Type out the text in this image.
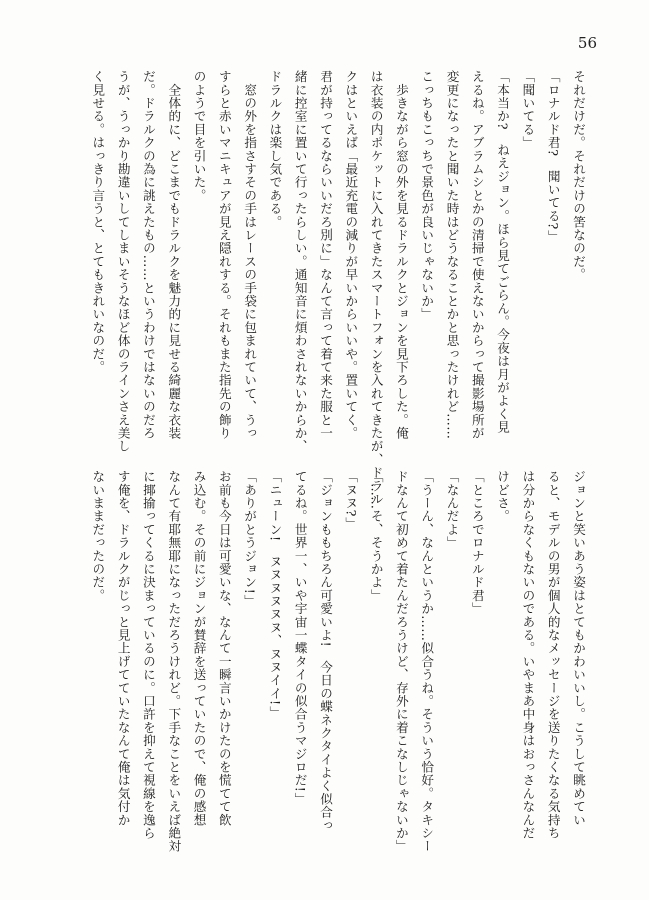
56
それだけだ。それだけの筈なのだ。
「ロナルド君?　聞いてる?」
「聞いてる」
「本当か?　ねえジョン。ほら見てごらん。今夜は月がよく見
えるね。アブラムシとかの清掃で使えないからって撮影場所が
変更になったと聞いた時はどうなることかと思ったけれど……
こっちもこっちで景色が良いじゃないか」
　歩きながら窓の外を見るドラルクとジョンを見下ろした。俺
は衣装の内ポケットに入れてきたスマートフォンを入れてきたが、ドラル
クはといえば「最近充電の減りが早いからいいや。置いてく。
君が持ってるならいいだろ別に」なんて言って着て来た服と一
緒に控室に置いて行ったらしい。通知音に煩わされないからか、
ドラルクは楽し気である。
　窓の外を指さすその手はレースの手袋に包まれていて、うっ
すらと赤いマニキュアが見え隠れする。それもまた指先の飾り
のようで目を引いた。
　全体的に、どこまでもドラルクを魅力的に見せる綺麗な衣装
だ。ドラルクの為に誂えたもの……というわけではないのだろ
うが、うっかり勘違いしてしまいそうなほど体のラインさえ美し
く見せる。はっきり言うと、とてもきれいなのだ。
ジョンと笑いあう姿はとてもかわいいし。こうして眺めてい
ると、モデルの男が個人的なメッセージを送りたくなる気持ち
は分からなくもないのである。いやまあ中身はおっさんなんだ
けどさ。
「ところでロナルド君」
「なんだよ」
「うーん、なんというか……似合うね。そういう恰好。タキシー
ドなんて初めて着たんだろうけど、存外に着こなしじゃないか」
「……そ、そうかよ」
「ヌヌ?」
「ジョンももちろん可愛いよ!　今日の蝶ネクタイよく似合っ
てるね。世界一、いや宇宙一蝶タイの似合うマジロだ!」
「ニューン!　ヌヌヌヌヌヌ、ヌヌイイ!」
「ありがとうジョン!」
お前も今日は可愛いな、なんて一瞬言いかけたのを慌てて飲
み込む。その前にジョンが賛辞を送っていたので、俺の感想
なんて有耶無耶になっただろうけれど。下手なことをいえば絶対
に揶揄ってくるに決まっているのに。口許を抑えて視線を逸ら
す俺を、ドラルクがじっと見上げてていたなんて俺は気付か
ないままだったのだ。
